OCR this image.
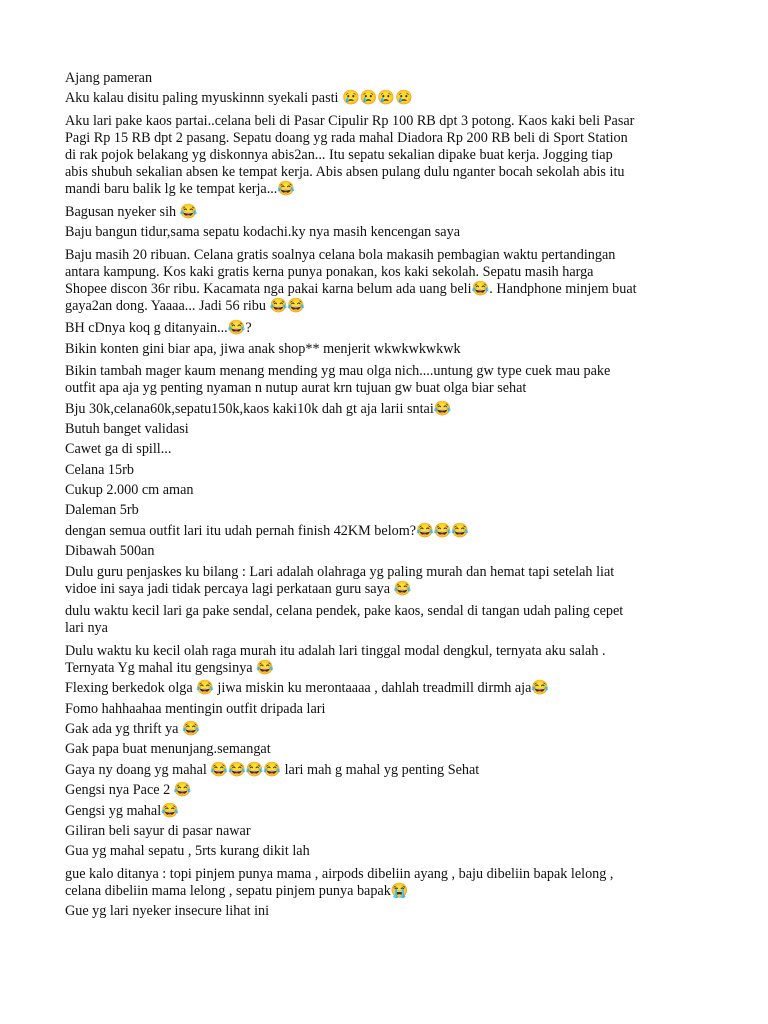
Ajang pameran
Aku kalau disitu paling myuskinnn syekali pasti 😢😢😢😢
Aku lari pake kaos partai..celana beli di Pasar Cipulir Rp 100 RB dpt 3 potong. Kaos kaki beli Pasar Pagi Rp 15 RB dpt 2 pasang. Sepatu doang yg rada mahal Diadora Rp 200 RB beli di Sport Station di rak pojok belakang yg diskonnya abis2an... Itu sepatu sekalian dipake buat kerja. Jogging tiap abis shubuh sekalian absen ke tempat kerja. Abis absen pulang dulu nganter bocah sekolah abis itu mandi baru balik lg ke tempat kerja...😂
Bagusan nyeker sih 😂
Baju bangun tidur,sama sepatu kodachi.ky nya masih kencengan saya
Baju masih 20 ribuan. Celana gratis soalnya celana bola makasih pembagian waktu pertandingan antara kampung. Kos kaki gratis kerna punya ponakan, kos kaki sekolah. Sepatu masih harga Shopee discon 36r ribu. Kacamata nga pakai karna belum ada uang beli😂. Handphone minjem buat gaya2an dong. Yaaaa... Jadi 56 ribu 😂😂
BH cDnya koq g ditanyain...😂?
Bikin konten gini biar apa, jiwa anak shop** menjerit wkwkwkwkwk
Bikin tambah mager kaum menang mending yg mau olga nich....untung gw type cuek mau pake outfit apa aja yg penting nyaman n nutup aurat krn tujuan gw buat olga biar sehat
Bju 30k,celana60k,sepatu150k,kaos kaki10k dah gt aja larii sntai😂
Butuh banget validasi
Cawet ga di spill...
Celana 15rb
Cukup 2.000 cm aman
Daleman 5rb
dengan semua outfit lari itu udah pernah finish 42KM belom?😂😂😂
Dibawah 500an
Dulu guru penjaskes ku bilang : Lari adalah olahraga yg paling murah dan hemat tapi setelah liat vidoe ini saya jadi tidak percaya lagi perkataan guru saya 😂
dulu waktu kecil lari ga pake sendal, celana pendek, pake kaos, sendal di tangan udah paling cepet lari nya
Dulu waktu ku kecil olah raga murah itu adalah lari tinggal modal dengkul, ternyata aku salah . Ternyata Yg mahal itu gengsinya 😂
Flexing berkedok olga 😂 jiwa miskin ku merontaaaa , dahlah treadmill dirmh aja😂
Fomo hahhaahaa mentingin outfit dripada lari
Gak ada yg thrift ya 😂
Gak papa buat menunjang.semangat
Gaya ny doang yg mahal 😂😂😂😂 lari mah g mahal yg penting Sehat
Gengsi nya Pace 2 😂
Gengsi yg mahal😂
Giliran beli sayur di pasar nawar
Gua yg mahal sepatu , 5rts kurang dikit lah
gue kalo ditanya : topi pinjem punya mama , airpods dibeliin ayang , baju dibeliin bapak lelong , celana dibeliin mama lelong , sepatu pinjem punya bapak😭
Gue yg lari nyeker insecure lihat ini
